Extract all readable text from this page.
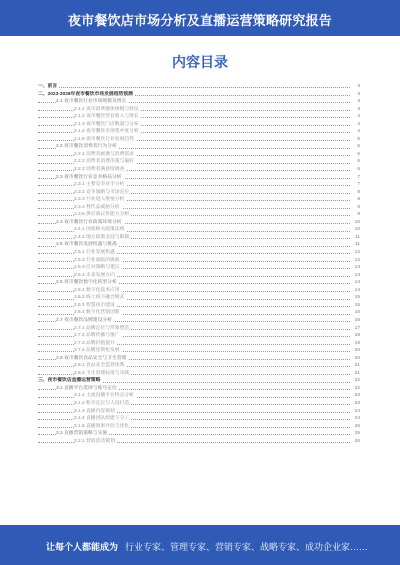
夜市餐饮店市场分析及直播运营策略研究报告
内容目录
一、前言	3
二、2023-2028年夜市餐饮市场发展趋势预测	3
2.1 夜市餐饮行业市场规模及增长	3
2.1.1 夜市消费群体规模与特征	3
2.1.2 夜市餐饮营业收入与增长	4
2.1.3 夜市餐饮门店数量与分布	4
2.1.4 夜市餐饮市场集中度分析	4
2.1.5 夜市餐饮行业发展趋势	5
2.2 夜市餐饮消费者行为分析	5
2.2.1 消费者画像与消费需求	5
2.2.2 消费者消费决策与偏好	6
2.2.3 消费者满意度调查	6
2.3 夜市餐饮行业竞争格局分析	7
2.3.1 主要竞争对手分析	7
2.3.2 竞争策略与市场定位	8
2.3.3 行业进入壁垒分析	8
2.3.4 替代品威胁分析	9
2.3.5 供应商议价能力分析	9
2.4 夜市餐饮行业政策环境分析	10
2.4.1 国家相关政策法规	10
2.4.2 地方政策支持与限制	11
2.5 夜市餐饮发展机遇与挑战	11
2.5.1 行业发展机遇	12
2.5.2 行业面临的挑战	12
2.5.3 应对策略与建议	13
2.5.4 未来发展方向	13
2.6 夜市餐饮数字化转型分析	14
2.6.1 数字化技术应用	14
2.6.2 线上线下融合模式	15
2.6.3 智慧夜市建设	15
2.6.4 数字化营销创新	16
2.7 夜市餐饮品牌建设分析	16
2.7.1 品牌定位与形象塑造	17
2.7.2 品牌传播与推广	18
2.7.3 品牌价值提升	19
2.7.4 品牌连锁化发展	20
2.8 夜市餐饮食品安全与卫生管理	20
2.8.1 食品安全监管体系	21
2.8.2 卫生管理标准与实践	21
三、夜市餐饮店直播运营策略	22
3.1 直播平台选择与账号定位	22
3.1.1 主流直播平台特点分析	23
3.1.2 账号定位与人设打造	23
3.1.3 直播内容规划	24
3.1.4 直播团队组建与分工	24
3.1.5 直播效果评估与优化	25
3.2 直播营销策略与实施	25
3.2.1 营销活动策划	26
让每个人都能成为 行业专家、管理专家、营销专家、战略专家、成功企业家……
